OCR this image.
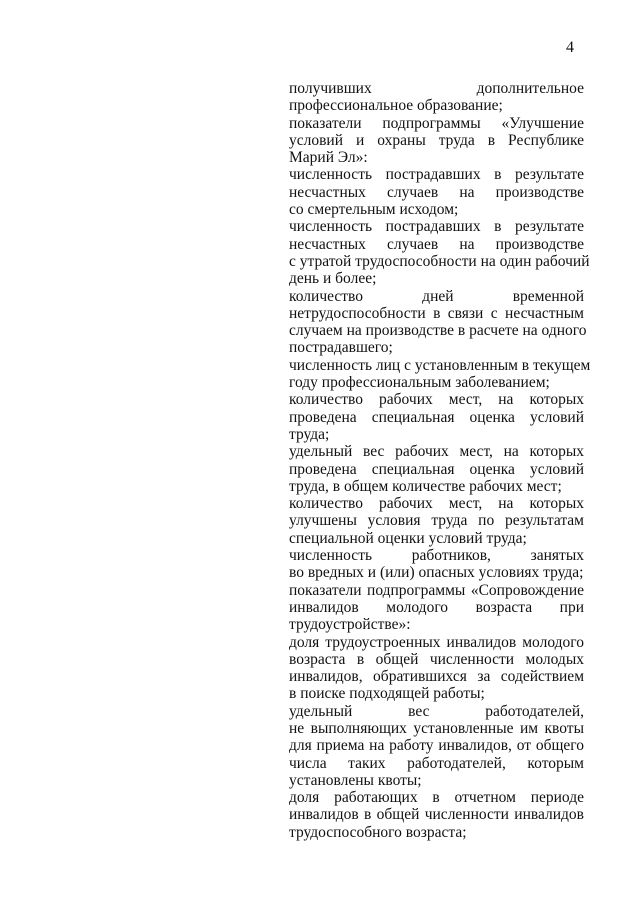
4
получивших дополнительное
профессиональное образование;
показатели подпрограммы «Улучшение
условий и охраны труда в Республике
Марий Эл»:
численность пострадавших в результате
несчастных случаев на производстве
со смертельным исходом;
численность пострадавших в результате
несчастных случаев на производстве
с утратой трудоспособности на один рабочий
день и более;
количество дней временной
нетрудоспособности в связи с несчастным
случаем на производстве в расчете на одного
пострадавшего;
численность лиц с установленным в текущем
году профессиональным заболеванием;
количество рабочих мест, на которых
проведена специальная оценка условий
труда;
удельный вес рабочих мест, на которых
проведена специальная оценка условий
труда, в общем количестве рабочих мест;
количество рабочих мест, на которых
улучшены условия труда по результатам
специальной оценки условий труда;
численность работников, занятых
во вредных и (или) опасных условиях труда;
показатели подпрограммы «Сопровождение
инвалидов молодого возраста при
трудоустройстве»:
доля трудоустроенных инвалидов молодого
возраста в общей численности молодых
инвалидов, обратившихся за содействием
в поиске подходящей работы;
удельный вес работодателей,
не выполняющих установленные им квоты
для приема на работу инвалидов, от общего
числа таких работодателей, которым
установлены квоты;
доля работающих в отчетном периоде
инвалидов в общей численности инвалидов
трудоспособного возраста;
